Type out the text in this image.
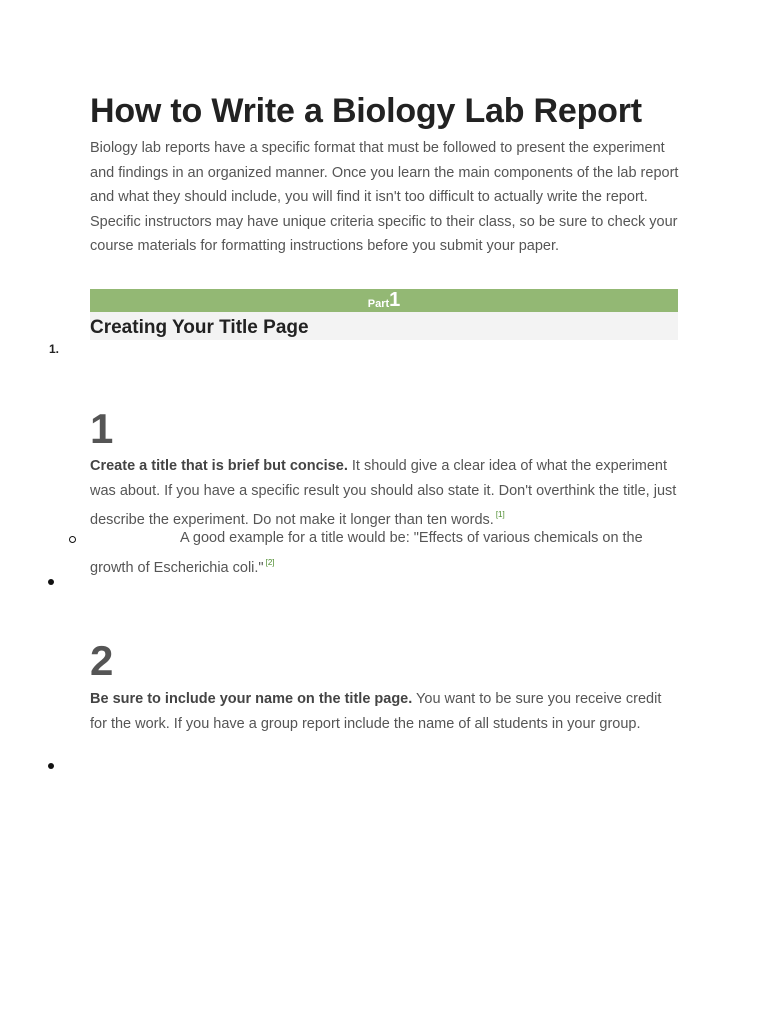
How to Write a Biology Lab Report

Biology lab reports have a specific format that must be followed to present the experiment and findings in an organized manner. Once you learn the main components of the lab report and what they should include, you will find it isn't too difficult to actually write the report. Specific instructors may have unique criteria specific to their class, so be sure to check your course materials for formatting instructions before you submit your paper.

Part1
Creating Your Title Page
1.
1

Create a title that is brief but concise. It should give a clear idea of what the experiment was about. If you have a specific result you should also state it. Don't overthink the title, just describe the experiment. Do not make it longer than ten words. [1]

A good example for a title would be: "Effects of various chemicals on the growth of Escherichia coli." [2]

2

Be sure to include your name on the title page. You want to be sure you receive credit for the work. If you have a group report include the name of all students in your group.
